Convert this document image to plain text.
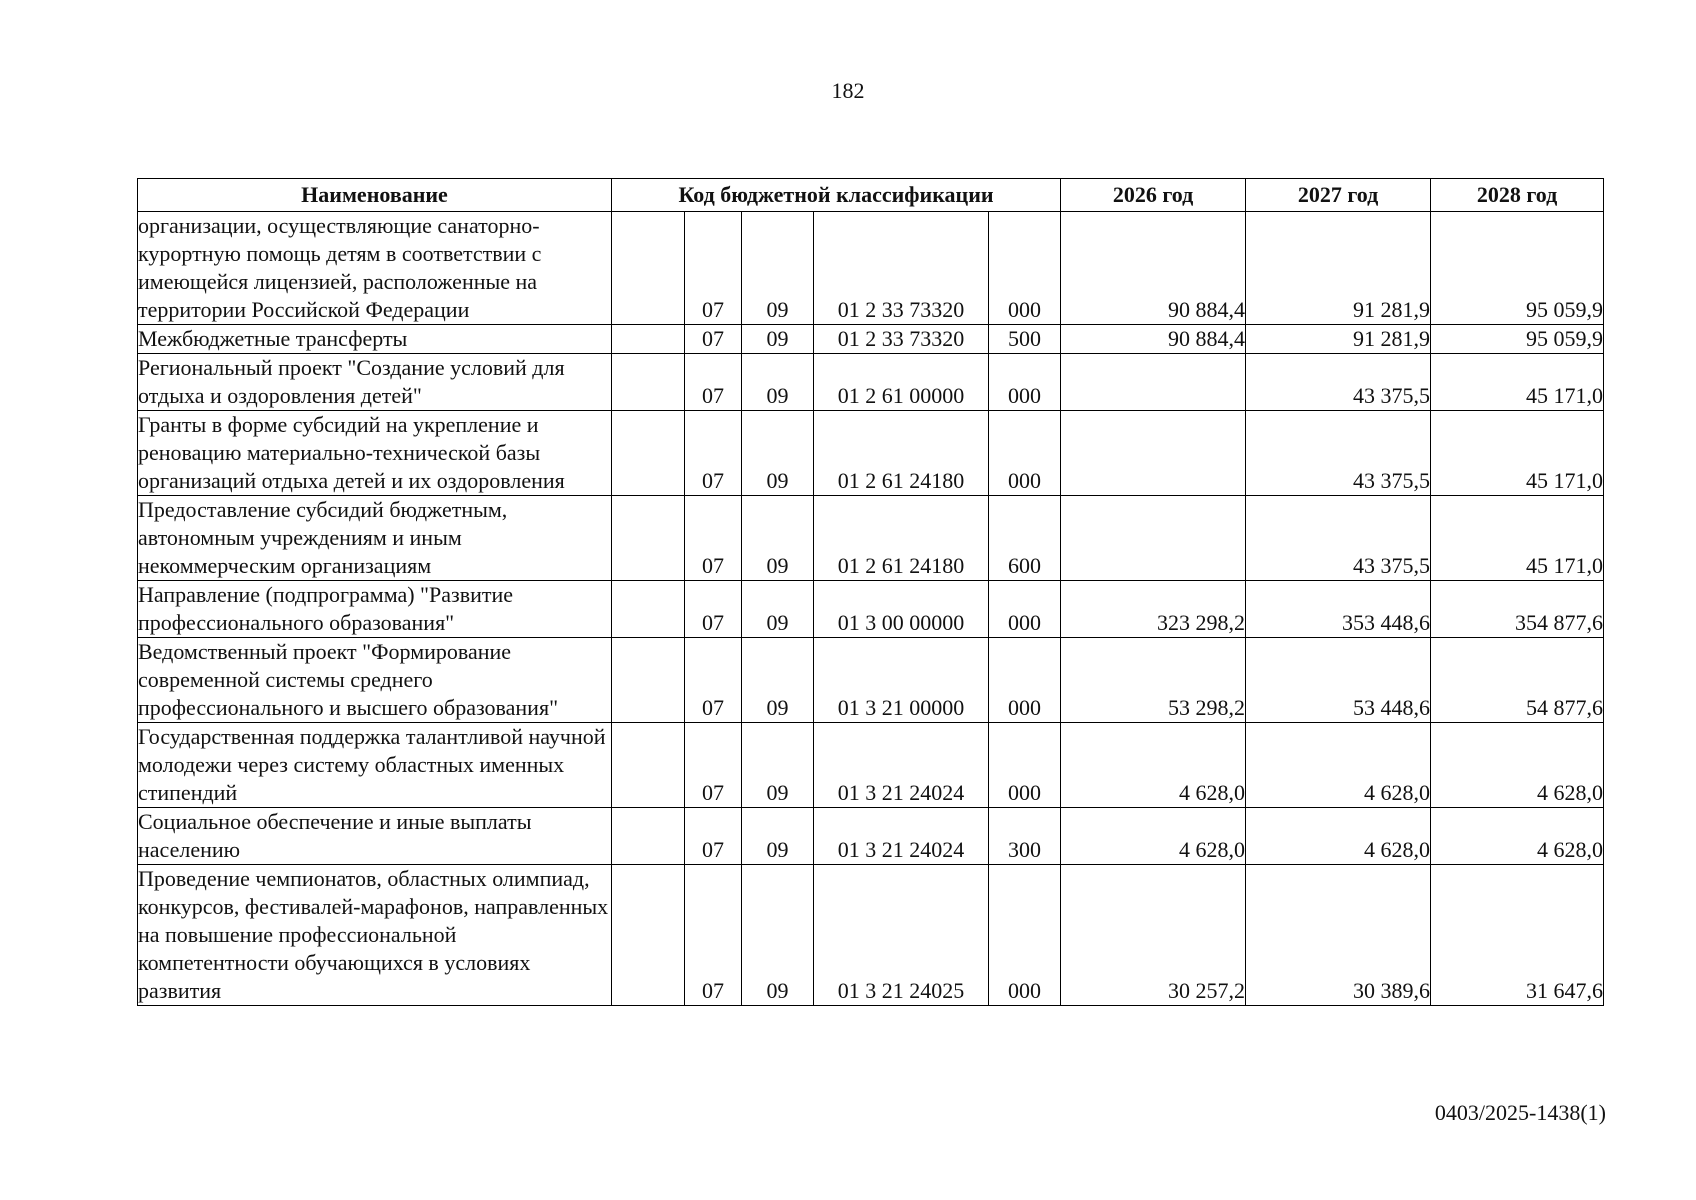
182
Наименование	Код бюджетной классификации					2026 год	2027 год	2028 год
организации, осуществляющие санаторно-курортную помощь детям в соответствии с имеющейся лицензией, расположенные на территории Российской Федерации		07	09	01 2 33 73320	000	90 884,4	91 281,9	95 059,9
Межбюджетные трансферты		07	09	01 2 33 73320	500	90 884,4	91 281,9	95 059,9
Региональный проект "Создание условий для отдыха и оздоровления детей"		07	09	01 2 61 00000	000		43 375,5	45 171,0
Гранты в форме субсидий на укрепление и реновацию материально-технической базы организаций отдыха детей и их оздоровления		07	09	01 2 61 24180	000		43 375,5	45 171,0
Предоставление субсидий бюджетным, автономным учреждениям и иным некоммерческим организациям		07	09	01 2 61 24180	600		43 375,5	45 171,0
Направление (подпрограмма) "Развитие профессионального образования"		07	09	01 3 00 00000	000	323 298,2	353 448,6	354 877,6
Ведомственный проект "Формирование современной системы среднего профессионального и высшего образования"		07	09	01 3 21 00000	000	53 298,2	53 448,6	54 877,6
Государственная поддержка талантливой научной молодежи через систему областных именных стипендий		07	09	01 3 21 24024	000	4 628,0	4 628,0	4 628,0
Социальное обеспечение и иные выплаты населению		07	09	01 3 21 24024	300	4 628,0	4 628,0	4 628,0
Проведение чемпионатов, областных олимпиад, конкурсов, фестивалей-марафонов, направленных на повышение профессиональной компетентности обучающихся в условиях развития		07	09	01 3 21 24025	000	30 257,2	30 389,6	31 647,6
0403/2025-1438(1)
